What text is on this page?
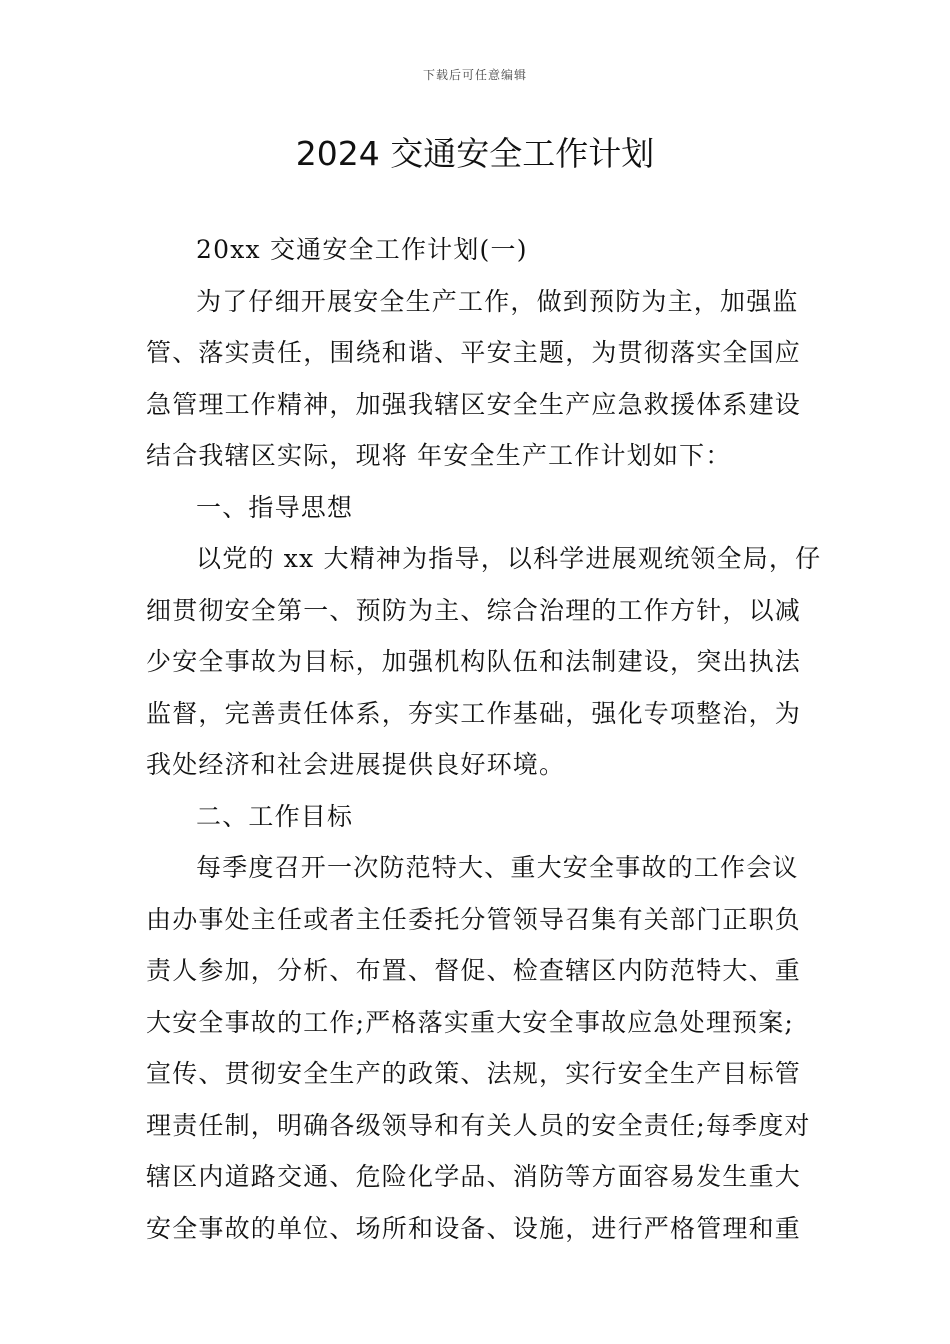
下载后可任意编辑
2024 交通安全工作计划
20xx 交通安全工作计划(一)
为了仔细开展安全生产工作，做到预防为主，加强监
管、落实责任，围绕和谐、平安主题，为贯彻落实全国应
急管理工作精神，加强我辖区安全生产应急救援体系建设
结合我辖区实际，现将 年安全生产工作计划如下：
一、指导思想
以党的 xx 大精神为指导，以科学进展观统领全局，仔
细贯彻安全第一、预防为主、综合治理的工作方针，以减
少安全事故为目标，加强机构队伍和法制建设，突出执法
监督，完善责任体系，夯实工作基础，强化专项整治，为
我处经济和社会进展提供良好环境。
二、工作目标
每季度召开一次防范特大、重大安全事故的工作会议
由办事处主任或者主任委托分管领导召集有关部门正职负
责人参加，分析、布置、督促、检查辖区内防范特大、重
大安全事故的工作;严格落实重大安全事故应急处理预案;
宣传、贯彻安全生产的政策、法规，实行安全生产目标管
理责任制，明确各级领导和有关人员的安全责任;每季度对
辖区内道路交通、危险化学品、消防等方面容易发生重大
安全事故的单位、场所和设备、设施，进行严格管理和重
